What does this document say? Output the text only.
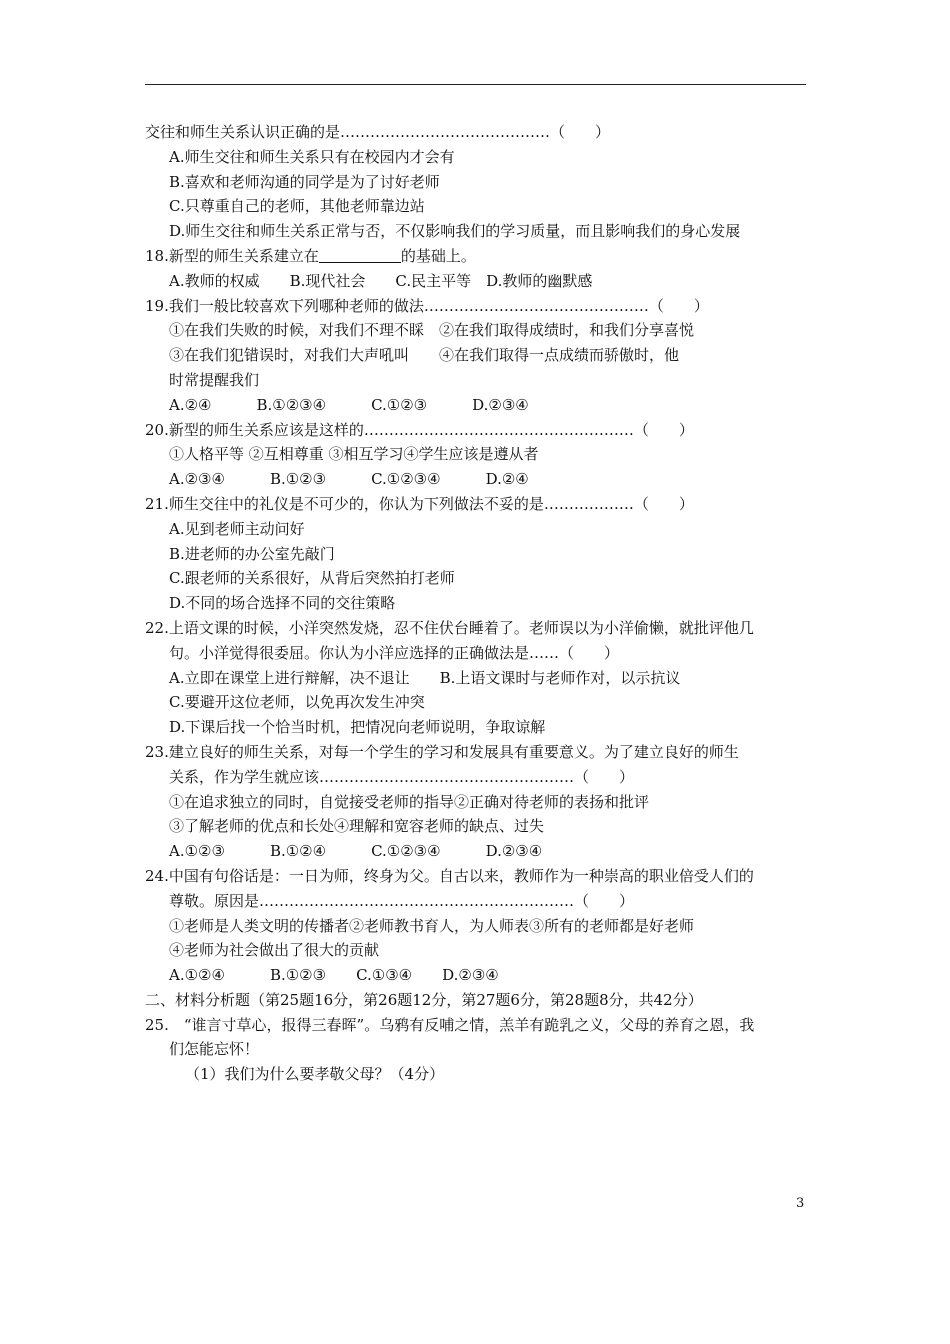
交往和师生关系认识正确的是……………………………………（　　）
A.师生交往和师生关系只有在校园内才会有
B.喜欢和老师沟通的同学是为了讨好老师
C.只尊重自己的老师，其他老师靠边站
D.师生交往和师生关系正常与否，不仅影响我们的学习质量，而且影响我们的身心发展
18.新型的师生关系建立在	的基础上。
A.教师的权威　　B.现代社会　　C.民主平等　D.教师的幽默感
19.我们一般比较喜欢下列哪种老师的做法………………………………………（　　）
①在我们失败的时候，对我们不理不睬　②在我们取得成绩时，和我们分享喜悦
③在我们犯错误时，对我们大声吼叫　　④在我们取得一点成绩而骄傲时，他
时常提醒我们
A.②④　　　B.①②③④　　　C.①②③　　　D.②③④
20.新型的师生关系应该是这样的………………………………………………（　　）
①人格平等 ②互相尊重 ③相互学习④学生应该是遵从者
A.②③④　　　B.①②③　　　C.①②③④　　　D.②④
21.师生交往中的礼仪是不可少的，你认为下列做法不妥的是………………（　　）
A.见到老师主动问好
B.进老师的办公室先敲门
C.跟老师的关系很好，从背后突然拍打老师
D.不同的场合选择不同的交往策略
22.上语文课的时候，小洋突然发烧，忍不住伏台睡着了。老师误以为小洋偷懒，就批评他几
句。小洋觉得很委屈。你认为小洋应选择的正确做法是……（　　）
A.立即在课堂上进行辩解，决不退让　　B.上语文课时与老师作对，以示抗议
C.要避开这位老师，以免再次发生冲突
D.下课后找一个恰当时机，把情况向老师说明，争取谅解
23.建立良好的师生关系，对每一个学生的学习和发展具有重要意义。为了建立良好的师生
关系，作为学生就应该……………………………………………（　　）
①在追求独立的同时，自觉接受老师的指导②正确对待老师的表扬和批评
③了解老师的优点和长处④理解和宽容老师的缺点、过失
A.①②③　　　B.①②④　　　C.①②③④　　　D.②③④
24.中国有句俗话是：一日为师，终身为父。自古以来，教师作为一种崇高的职业倍受人们的
尊敬。原因是………………………………………………………（　　）
①老师是人类文明的传播者②老师教书育人，为人师表③所有的老师都是好老师
④老师为社会做出了很大的贡献
A.①②④　　　B.①②③　　C.①③④　　D.②③④
二、材料分析题（第25题16分，第26题12分，第27题6分，第28题8分，共42分）
25.　“谁言寸草心，报得三春晖”。乌鸦有反哺之情，羔羊有跪乳之义，父母的养育之恩，我
们怎能忘怀！
（1）我们为什么要孝敬父母？（4分）
3
